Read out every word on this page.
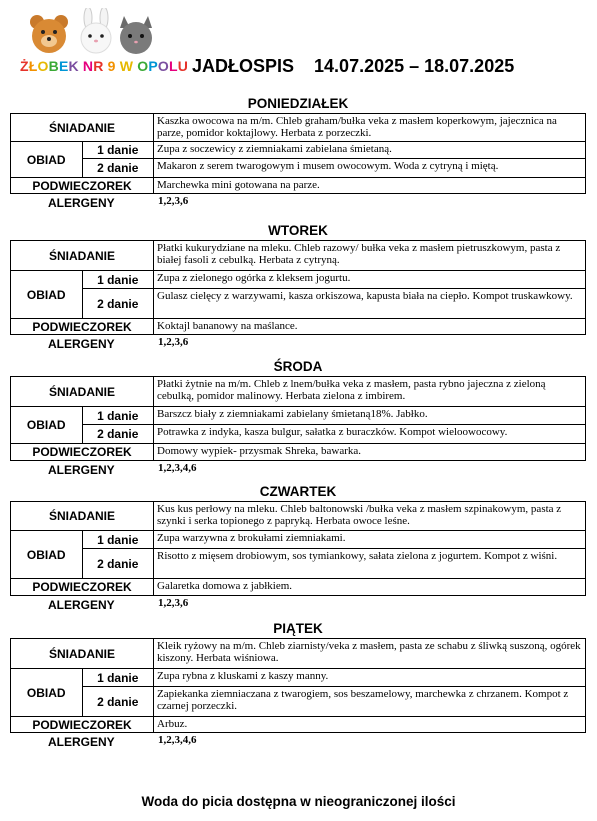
ŻŁOBEK NR 9 W OPOLU JADŁOSPIS 14.07.2025 – 18.07.2025
PONIEDZIAŁEK
ŚNIADANIE		Kaszka owocowa na m/m. Chleb graham/bułka veka z masłem koperkowym, jajecznica na parze, pomidor koktajlowy. Herbata z porzeczki.
OBIAD	1 danie	Zupa z soczewicy z ziemniakami zabielana śmietaną.
	2 danie	Makaron z serem twarogowym i musem owocowym. Woda z cytryną i miętą.
PODWIECZOREK		Marchewka mini gotowana na parze.
ALERGENY	1,2,3,6
WTOREK
ŚNIADANIE		Płatki kukurydziane na mleku. Chleb razowy/ bułka veka z masłem pietruszkowym, pasta z białej fasoli z cebulką. Herbata z cytryną.
OBIAD	1 danie	Zupa z zielonego ogórka z kleksem jogurtu.
	2 danie	Gulasz cielęcy z warzywami, kasza orkiszowa, kapusta biała na ciepło. Kompot truskawkowy.
PODWIECZOREK		Koktajl bananowy na maślance.
ALERGENY	1,2,3,6
ŚRODA
ŚNIADANIE		Płatki żytnie na m/m. Chleb z lnem/bułka veka z masłem, pasta rybno jajeczna z zieloną cebulką, pomidor malinowy. Herbata zielona z imbirem.
OBIAD	1 danie	Barszcz biały z ziemniakami zabielany śmietaną18%. Jabłko.
	2 danie	Potrawka z indyka, kasza bulgur, sałatka z buraczków. Kompot wieloowocowy.
PODWIECZOREK		Domowy wypiek- przysmak Shreka, bawarka.
ALERGENY	1,2,3,4,6
CZWARTEK
ŚNIADANIE		Kus kus perłowy na mleku. Chleb baltonowski /bułka veka z masłem szpinakowym, pasta z szynki i serka topionego z papryką. Herbata owoce leśne.
OBIAD	1 danie	Zupa warzywna z brokułami ziemniakami.
	2 danie	Risotto z mięsem drobiowym, sos tymiankowy, sałata zielona z jogurtem. Kompot z wiśni.
PODWIECZOREK		Galaretka domowa z jabłkiem.
ALERGENY	1,2,3,6
PIĄTEK
ŚNIADANIE		Kleik ryżowy na m/m. Chleb ziarnisty/veka z masłem, pasta ze schabu z śliwką suszoną, ogórek kiszony. Herbata wiśniowa.
OBIAD	1 danie	Zupa rybna z kluskami z kaszy manny.
	2 danie	Zapiekanka ziemniaczana z twarogiem, sos beszamelowy, marchewka z chrzanem. Kompot z czarnej porzeczki.
PODWIECZOREK		Arbuz.
ALERGENY	1,2,3,4,6
Woda do picia dostępna w nieograniczonej ilości
